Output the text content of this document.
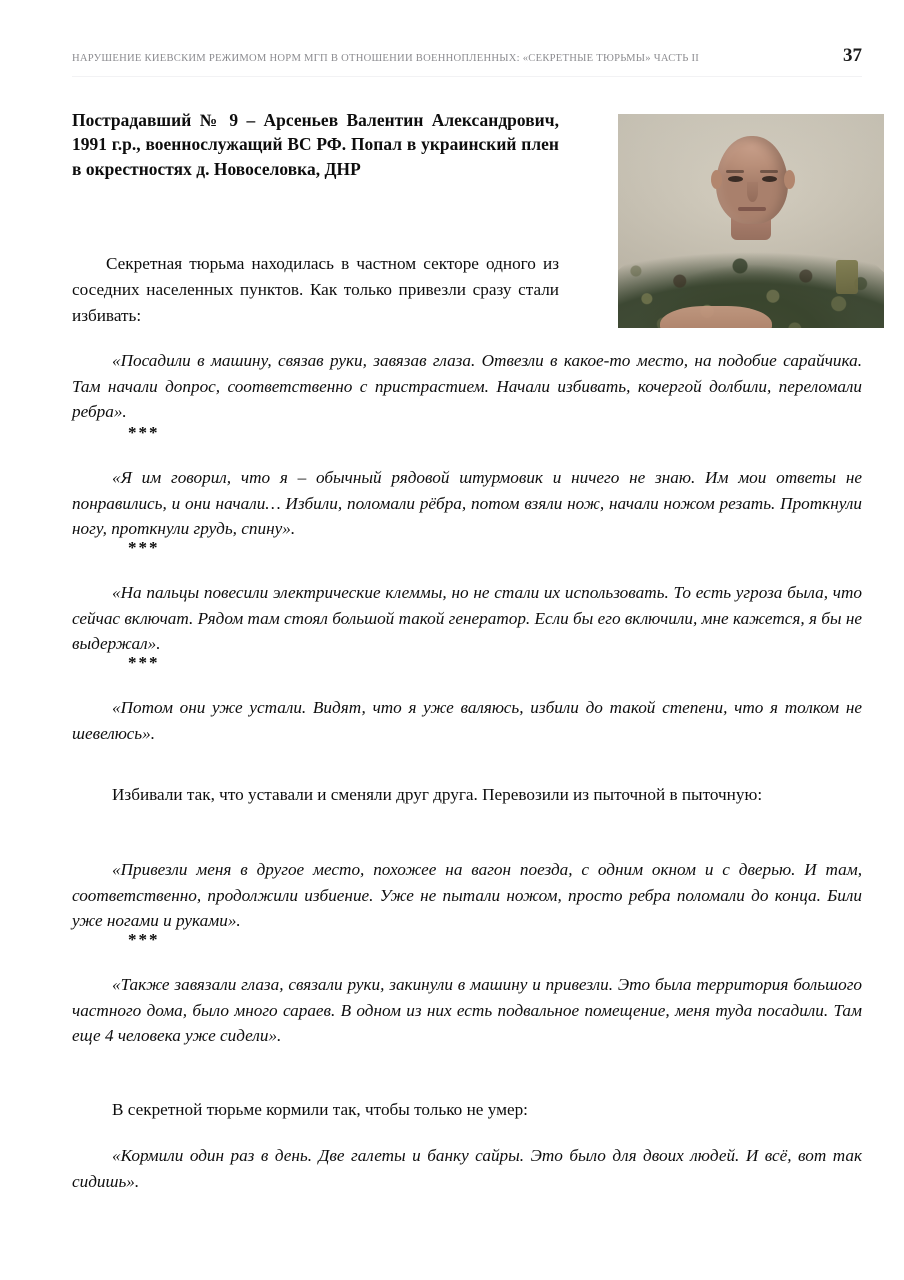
НАРУШЕНИЕ КИЕВСКИМ РЕЖИМОМ НОРМ МГП В ОТНОШЕНИИ ВОЕННОПЛЕННЫХ: «СЕКРЕТНЫЕ ТЮРЬМЫ» ЧАСТЬ II	37
Пострадавший № 9 – Арсеньев Валентин Александрович, 1991 г.р., военнослужащий ВС РФ. Попал в украинский плен в окрестностях д. Новоселовка, ДНР

Секретная тюрьма находилась в частном секторе одного из соседних населенных пунктов. Как только привезли сразу стали избивать:

«Посадили в машину, связав руки, завязав глаза. Отвезли в какое-то место, на подобие сарайчика. Там начали допрос, соответственно с пристрастием. Начали избивать, кочергой долбили, переломали ребра».

***

«Я им говорил, что я – обычный рядовой штурмовик и ничего не знаю. Им мои ответы не понравились, и они начали… Избили, поломали рёбра, потом взяли нож, начали ножом резать. Проткнули ногу, проткнули грудь, спину».

***

«На пальцы повесили электрические клеммы, но не стали их использовать. То есть угроза была, что сейчас включат. Рядом там стоял большой такой генератор. Если бы его включили, мне кажется, я бы не выдержал».

***

«Потом они уже устали. Видят, что я уже валяюсь, избили до такой степени, что я толком не шевелюсь».

Избивали так, что уставали и сменяли друг друга. Перевозили из пыточной в пыточную:

«Привезли меня в другое место, похожее на вагон поезда, с одним окном и с дверью. И там, соответственно, продолжили избиение. Уже не пытали ножом, просто ребра поломали до конца. Били уже ногами и руками».

***

«Также завязали глаза, связали руки, закинули в машину и привезли. Это была территория большого частного дома, было много сараев. В одном из них есть подвальное помещение, меня туда посадили. Там еще 4 человека уже сидели».

В секретной тюрьме кормили так, чтобы только не умер:

«Кормили один раз в день. Две галеты и банку сайры. Это было для двоих людей. И всё, вот так сидишь».
